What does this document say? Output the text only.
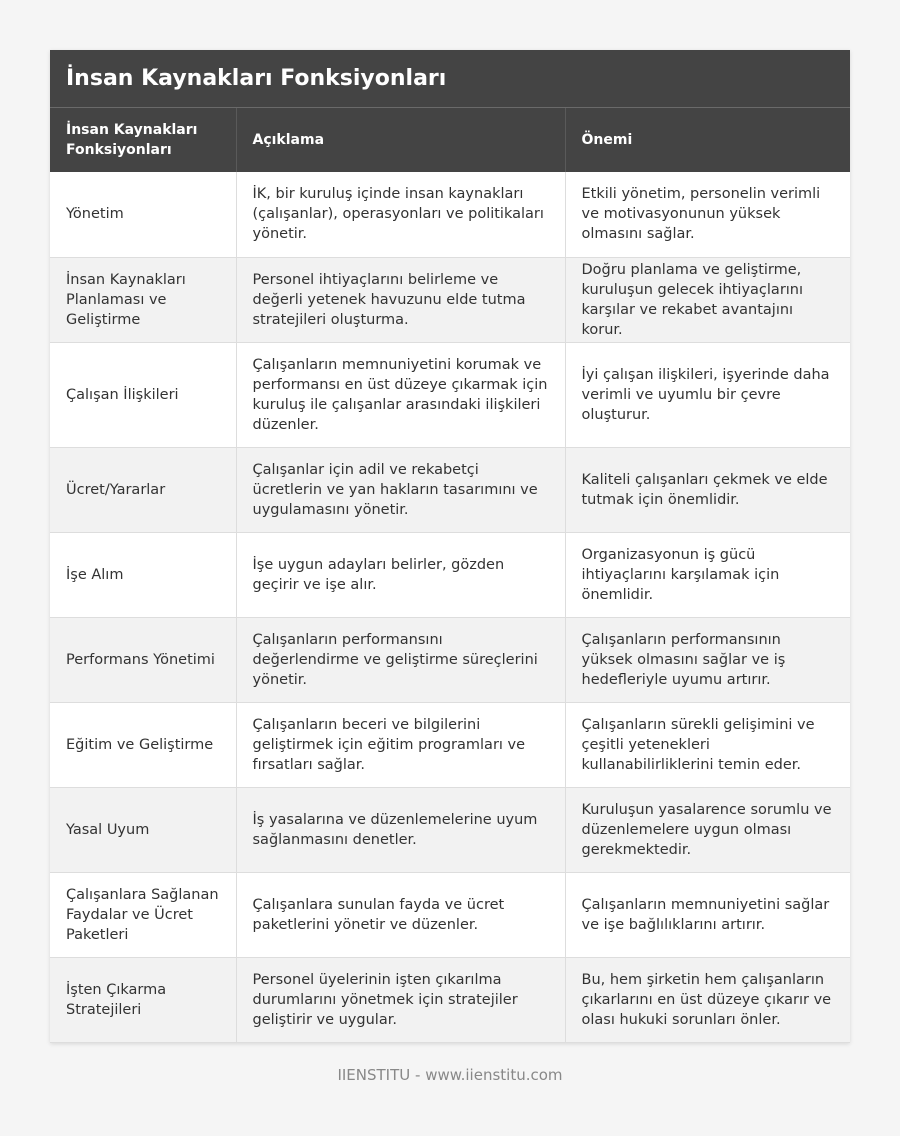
İnsan Kaynakları Fonksiyonları
İnsan Kaynakları Fonksiyonları	Açıklama	Önemi
Yönetim	İK, bir kuruluş içinde insan kaynakları (çalışanlar), operasyonları ve politikaları yönetir.	Etkili yönetim, personelin verimli ve motivasyonunun yüksek olmasını sağlar.
İnsan Kaynakları Planlaması ve Geliştirme	Personel ihtiyaçlarını belirleme ve değerli yetenek havuzunu elde tutma stratejileri oluşturma.	Doğru planlama ve geliştirme, kuruluşun gelecek ihtiyaçlarını karşılar ve rekabet avantajını korur.
Çalışan İlişkileri	Çalışanların memnuniyetini korumak ve performansı en üst düzeye çıkarmak için kuruluş ile çalışanlar arasındaki ilişkileri düzenler.	İyi çalışan ilişkileri, işyerinde daha verimli ve uyumlu bir çevre oluşturur.
Ücret/Yararlar	Çalışanlar için adil ve rekabetçi ücretlerin ve yan hakların tasarımını ve uygulamasını yönetir.	Kaliteli çalışanları çekmek ve elde tutmak için önemlidir.
İşe Alım	İşe uygun adayları belirler, gözden geçirir ve işe alır.	Organizasyonun iş gücü ihtiyaçlarını karşılamak için önemlidir.
Performans Yönetimi	Çalışanların performansını değerlendirme ve geliştirme süreçlerini yönetir.	Çalışanların performansının yüksek olmasını sağlar ve iş hedefleriyle uyumu artırır.
Eğitim ve Geliştirme	Çalışanların beceri ve bilgilerini geliştirmek için eğitim programları ve fırsatları sağlar.	Çalışanların sürekli gelişimini ve çeşitli yetenekleri kullanabilirliklerini temin eder.
Yasal Uyum	İş yasalarına ve düzenlemelerine uyum sağlanmasını denetler.	Kuruluşun yasalarence sorumlu ve düzenlemelere uygun olması gerekmektedir.
Çalışanlara Sağlanan Faydalar ve Ücret Paketleri	Çalışanlara sunulan fayda ve ücret paketlerini yönetir ve düzenler.	Çalışanların memnuniyetini sağlar ve işe bağlılıklarını artırır.
İşten Çıkarma Stratejileri	Personel üyelerinin işten çıkarılma durumlarını yönetmek için stratejiler geliştirir ve uygular.	Bu, hem şirketin hem çalışanların çıkarlarını en üst düzeye çıkarır ve olası hukuki sorunları önler.
IIENSTITU - www.iienstitu.com
